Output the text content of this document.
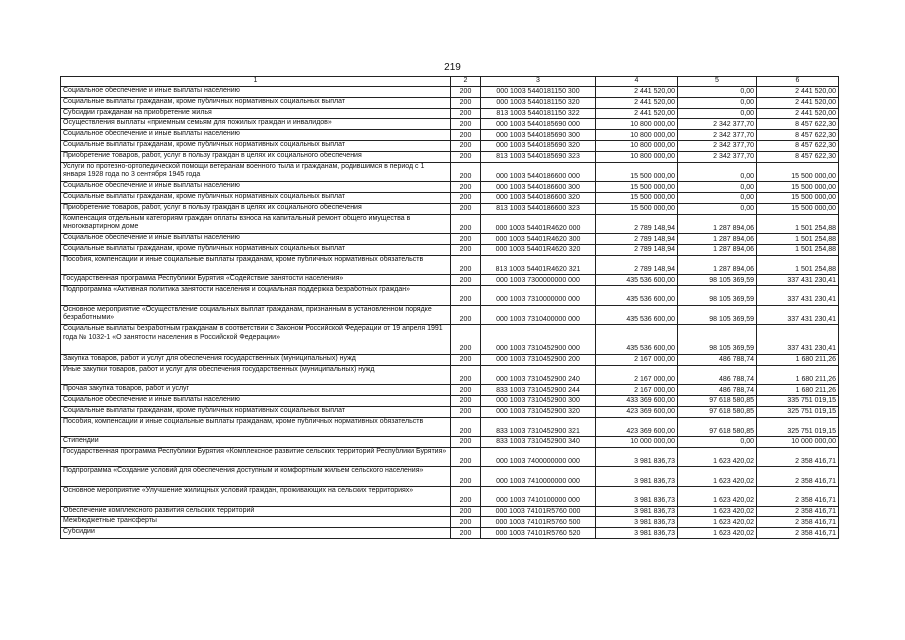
219
1	2	3	4	5	6
Социальное обеспечение и иные выплаты населению	200	000 1003 5440181150 300	2 441 520,00	0,00	2 441 520,00
Социальные выплаты гражданам, кроме публичных нормативных социальных выплат	200	000 1003 5440181150 320	2 441 520,00	0,00	2 441 520,00
Субсидии гражданам на приобретение жилья	200	813 1003 5440181150 322	2 441 520,00	0,00	2 441 520,00
Осуществления выплаты «приемным семьям для пожилых граждан и инвалидов»	200	000 1003 5440185690 000	10 800 000,00	2 342 377,70	8 457 622,30
Социальное обеспечение и иные выплаты населению	200	000 1003 5440185690 300	10 800 000,00	2 342 377,70	8 457 622,30
Социальные выплаты гражданам, кроме публичных нормативных социальных выплат	200	000 1003 5440185690 320	10 800 000,00	2 342 377,70	8 457 622,30
Приобретение товаров, работ, услуг в пользу граждан в целях их социального обеспечения	200	813 1003 5440185690 323	10 800 000,00	2 342 377,70	8 457 622,30
Услуги по протезно-ортопедической помощи ветеранам военного тыла и гражданам, родившимся в период с 1 января 1928 года по 3 сентября 1945 года	200	000 1003 5440186600 000	15 500 000,00	0,00	15 500 000,00
Социальное обеспечение и иные выплаты населению	200	000 1003 5440186600 300	15 500 000,00	0,00	15 500 000,00
Социальные выплаты гражданам, кроме публичных нормативных социальных выплат	200	000 1003 5440186600 320	15 500 000,00	0,00	15 500 000,00
Приобретение товаров, работ, услуг в пользу граждан в целях их социального обеспечения	200	813 1003 5440186600 323	15 500 000,00	0,00	15 500 000,00
Компенсация отдельным категориям граждан оплаты взноса на капитальный ремонт общего имущества в многоквартирном доме	200	000 1003 54401R4620 000	2 789 148,94	1 287 894,06	1 501 254,88
Социальное обеспечение и иные выплаты населению	200	000 1003 54401R4620 300	2 789 148,94	1 287 894,06	1 501 254,88
Социальные выплаты гражданам, кроме публичных нормативных социальных выплат	200	000 1003 54401R4620 320	2 789 148,94	1 287 894,06	1 501 254,88
Пособия, компенсации и иные социальные выплаты гражданам, кроме публичных нормативных обязательств	200	813 1003 54401R4620 321	2 789 148,94	1 287 894,06	1 501 254,88
Государственная программа Республики Бурятия «Содействие занятости населения»	200	000 1003 7300000000 000	435 536 600,00	98 105 369,59	337 431 230,41
Подпрограмма «Активная политика занятости населения и социальная поддержка безработных граждан»	200	000 1003 7310000000 000	435 536 600,00	98 105 369,59	337 431 230,41
Основное мероприятие «Осуществление социальных выплат гражданам, признанным в установленном порядке безработными»	200	000 1003 7310400000 000	435 536 600,00	98 105 369,59	337 431 230,41
Социальные выплаты безработным гражданам в соответствии с Законом Российской Федерации от 19 апреля 1991 года № 1032-1 «О занятости населения в Российской Федерации»	200	000 1003 7310452900 000	435 536 600,00	98 105 369,59	337 431 230,41
Закупка товаров, работ и услуг для обеспечения государственных (муниципальных) нужд	200	000 1003 7310452900 200	2 167 000,00	486 788,74	1 680 211,26
Иные закупки товаров, работ и услуг для обеспечения государственных (муниципальных) нужд	200	000 1003 7310452900 240	2 167 000,00	486 788,74	1 680 211,26
Прочая закупка товаров, работ и услуг	200	833 1003 7310452900 244	2 167 000,00	486 788,74	1 680 211,26
Социальное обеспечение и иные выплаты населению	200	000 1003 7310452900 300	433 369 600,00	97 618 580,85	335 751 019,15
Социальные выплаты гражданам, кроме публичных нормативных социальных выплат	200	000 1003 7310452900 320	423 369 600,00	97 618 580,85	325 751 019,15
Пособия, компенсации и иные социальные выплаты гражданам, кроме публичных нормативных обязательств	200	833 1003 7310452900 321	423 369 600,00	97 618 580,85	325 751 019,15
Стипендии	200	833 1003 7310452900 340	10 000 000,00	0,00	10 000 000,00
Государственная программа Республики Бурятия «Комплексное развитие сельских территорий Республики Бурятия»	200	000 1003 7400000000 000	3 981 836,73	1 623 420,02	2 358 416,71
Подпрограмма «Создание условий для обеспечения доступным и комфортным жильем сельского населения»	200	000 1003 7410000000 000	3 981 836,73	1 623 420,02	2 358 416,71
Основное мероприятие «Улучшение жилищных условий граждан, проживающих на сельских территориях»	200	000 1003 7410100000 000	3 981 836,73	1 623 420,02	2 358 416,71
Обеспечение комплексного развития сельских территорий	200	000 1003 74101R5760 000	3 981 836,73	1 623 420,02	2 358 416,71
Межбюджетные трансферты	200	000 1003 74101R5760 500	3 981 836,73	1 623 420,02	2 358 416,71
Субсидии	200	000 1003 74101R5760 520	3 981 836,73	1 623 420,02	2 358 416,71
